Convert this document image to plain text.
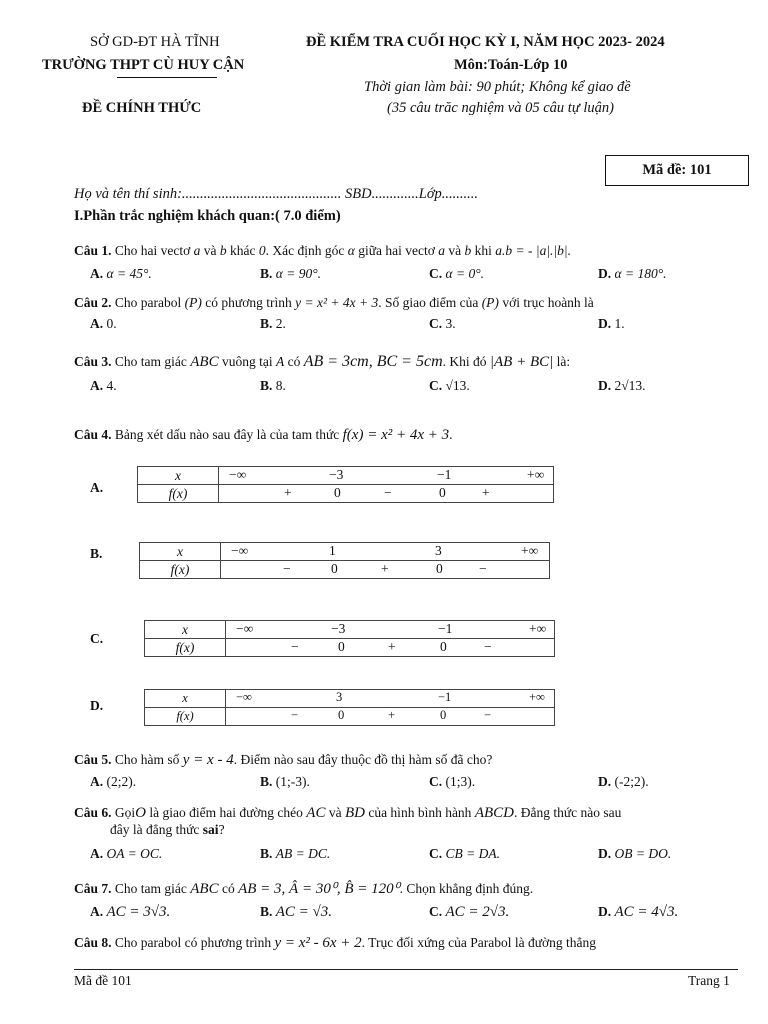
SỞ GD-ĐT HÀ TĨNH
TRƯỜNG THPT CÙ HUY CẬN
ĐỀ CHÍNH THỨC
ĐỀ KIỂM TRA CUỐI HỌC KỲ I, NĂM HỌC 2023- 2024
Môn:Toán-Lớp 10
Thời gian làm bài: 90 phút; Không kể giao đề
(35 câu trăc nghiệm và 05 câu tự luận)
Mã đề: 101
Họ và tên thí sinh:............................................ SBD.............Lớp..........
I.Phần trắc nghiệm khách quan:( 7.0 điểm)
Câu 1. Cho hai vectơ a và b khác 0. Xác định góc α giữa hai vectơ a và b khi a.b = - |a|.|b|.
A. α = 45°.	B. α = 90°.	C. α = 0°.	D. α = 180°.
Câu 2. Cho parabol (P) có phương trình y = x² + 4x + 3. Số giao điểm của (P) với trục hoành là
A. 0.	B. 2.	C. 3.	D. 1.
Câu 3. Cho tam giác ABC vuông tại A có AB = 3cm, BC = 5cm. Khi đó |AB + BC| là:
A. 4.	B. 8.	C. √13.	D. 2√13.
Câu 4. Bảng xét dấu nào sau đây là của tam thức f(x) = x² + 4x + 3.
A.
x	−∞ −3 −1 +∞

f(x)	+ 0 − 0 +
B.	x	−∞ 1 3 +∞

f(x)	− 0 + 0 −
C.
x	−∞ −3 −1 +∞

f(x)	− 0 + 0 −
D.	x	−∞ 3 −1 +∞

f(x)	− 0 + 0 −
Câu 5. Cho hàm số y = x - 4. Điểm nào sau đây thuộc đồ thị hàm số đã cho?
A. (2;2).	B. (1;-3).	C. (1;3).	D. (-2;2).
Câu 6. GọiO là giao điểm hai đường chéo AC và BD của hình bình hành ABCD. Đẳng thức nào sau
đây là đẳng thức sai?
A. OA = OC.	B. AB = DC.	C. CB = DA.	D. OB = DO.
Câu 7. Cho tam giác ABC có AB = 3, Â = 30⁰, B̂ = 120⁰. Chọn khẳng định đúng.
A. AC = 3√3.	B. AC = √3.	C. AC = 2√3.	D. AC = 4√3.
Câu 8. Cho parabol có phương trình y = x² - 6x + 2. Trục đối xứng của Parabol là đường thẳng
Mã đề 101	Trang 1
